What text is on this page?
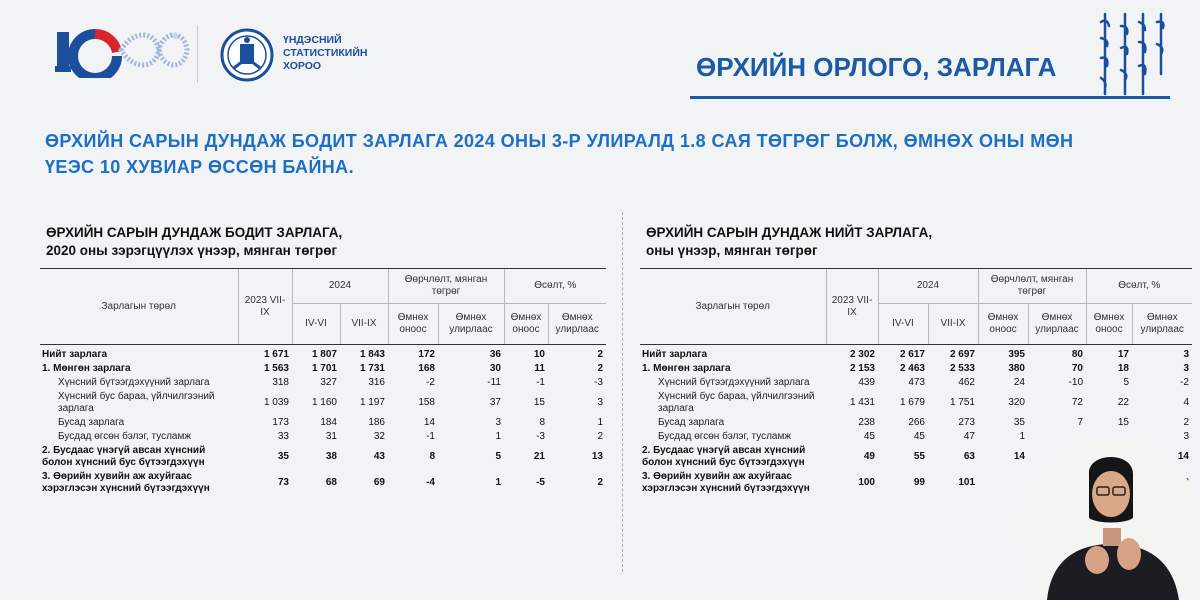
ҮНДЭСНИЙ
СТАТИСТИКИЙН
ХОРОО	ӨРХИЙН ОРЛОГО, ЗАРЛАГА
ӨРХИЙН САРЫН ДУНДАЖ БОДИТ ЗАРЛАГА 2024 ОНЫ 3-Р УЛИРАЛД 1.8 САЯ ТӨГРӨГ БОЛЖ, ӨМНӨХ ОНЫ МӨН
ҮЕЭС 10 ХУВИАР ӨССӨН БАЙНА.
ӨРХИЙН САРЫН ДУНДАЖ БОДИТ ЗАРЛАГА,
2020 оны зэрэгцүүлэх үнээр, мянган төгрөг
Зарлагын төрөл	2023 VII-IX	2024		Өөрчлөлт, мянган төгрөг		Өсөлт, %	
		IV-VI	VII-IX	Өмнөх оноос	Өмнөх улирлаас	Өмнөх оноос	Өмнөх улирлаас
Нийт зарлага	1 671	1 807	1 843	172	36	10	2
1. Мөнгөн зарлага	1 563	1 701	1 731	168	30	11	2
Хүнсний бүтээгдэхүүний зарлага	318	327	316	-2	-11	-1	-3
Хүнсний бус бараа, үйлчилгээний зарлага	1 039	1 160	1 197	158	37	15	3
Бусад зарлага	173	184	186	14	3	8	1
Бусдад өгсөн бэлэг, тусламж	33	31	32	-1	1	-3	2
2. Бусдаас үнэгүй авсан хүнсний болон хүнсний бус бүтээгдэхүүн	35	38	43	8	5	21	13
3. Өөрийн хувийн аж ахуйгаас хэрэглэсэн хүнсний бүтээгдэхүүн	73	68	69	-4	1	-5	2
ӨРХИЙН САРЫН ДУНДАЖ НИЙТ ЗАРЛАГА,
оны үнээр, мянган төгрөг
Зарлагын төрөл	2023 VII-IX	2024		Өөрчлөлт, мянган төгрөг		Өсөлт, %	
		IV-VI	VII-IX	Өмнөх оноос	Өмнөх улирлаас	Өмнөх оноос	Өмнөх улирлаас
Нийт зарлага	2 302	2 617	2 697	395	80	17	3
1. Мөнгөн зарлага	2 153	2 463	2 533	380	70	18	3
Хүнсний бүтээгдэхүүний зарлага	439	473	462	24	-10	5	-2
Хүнсний бус бараа, үйлчилгээний зарлага	1 431	1 679	1 751	320	72	22	4
Бусад зарлага	238	266	273	35	7	15	2
Бусдад өгсөн бэлэг, тусламж	45	45	47	1			3
2. Бусдаас үнэгүй авсан хүнсний болон хүнсний бус бүтээгдэхүүн	49	55	63	14			14
3. Өөрийн хувийн аж ахуйгаас хэрэглэсэн хүнсний бүтээгдэхүүн	100	99	101				
